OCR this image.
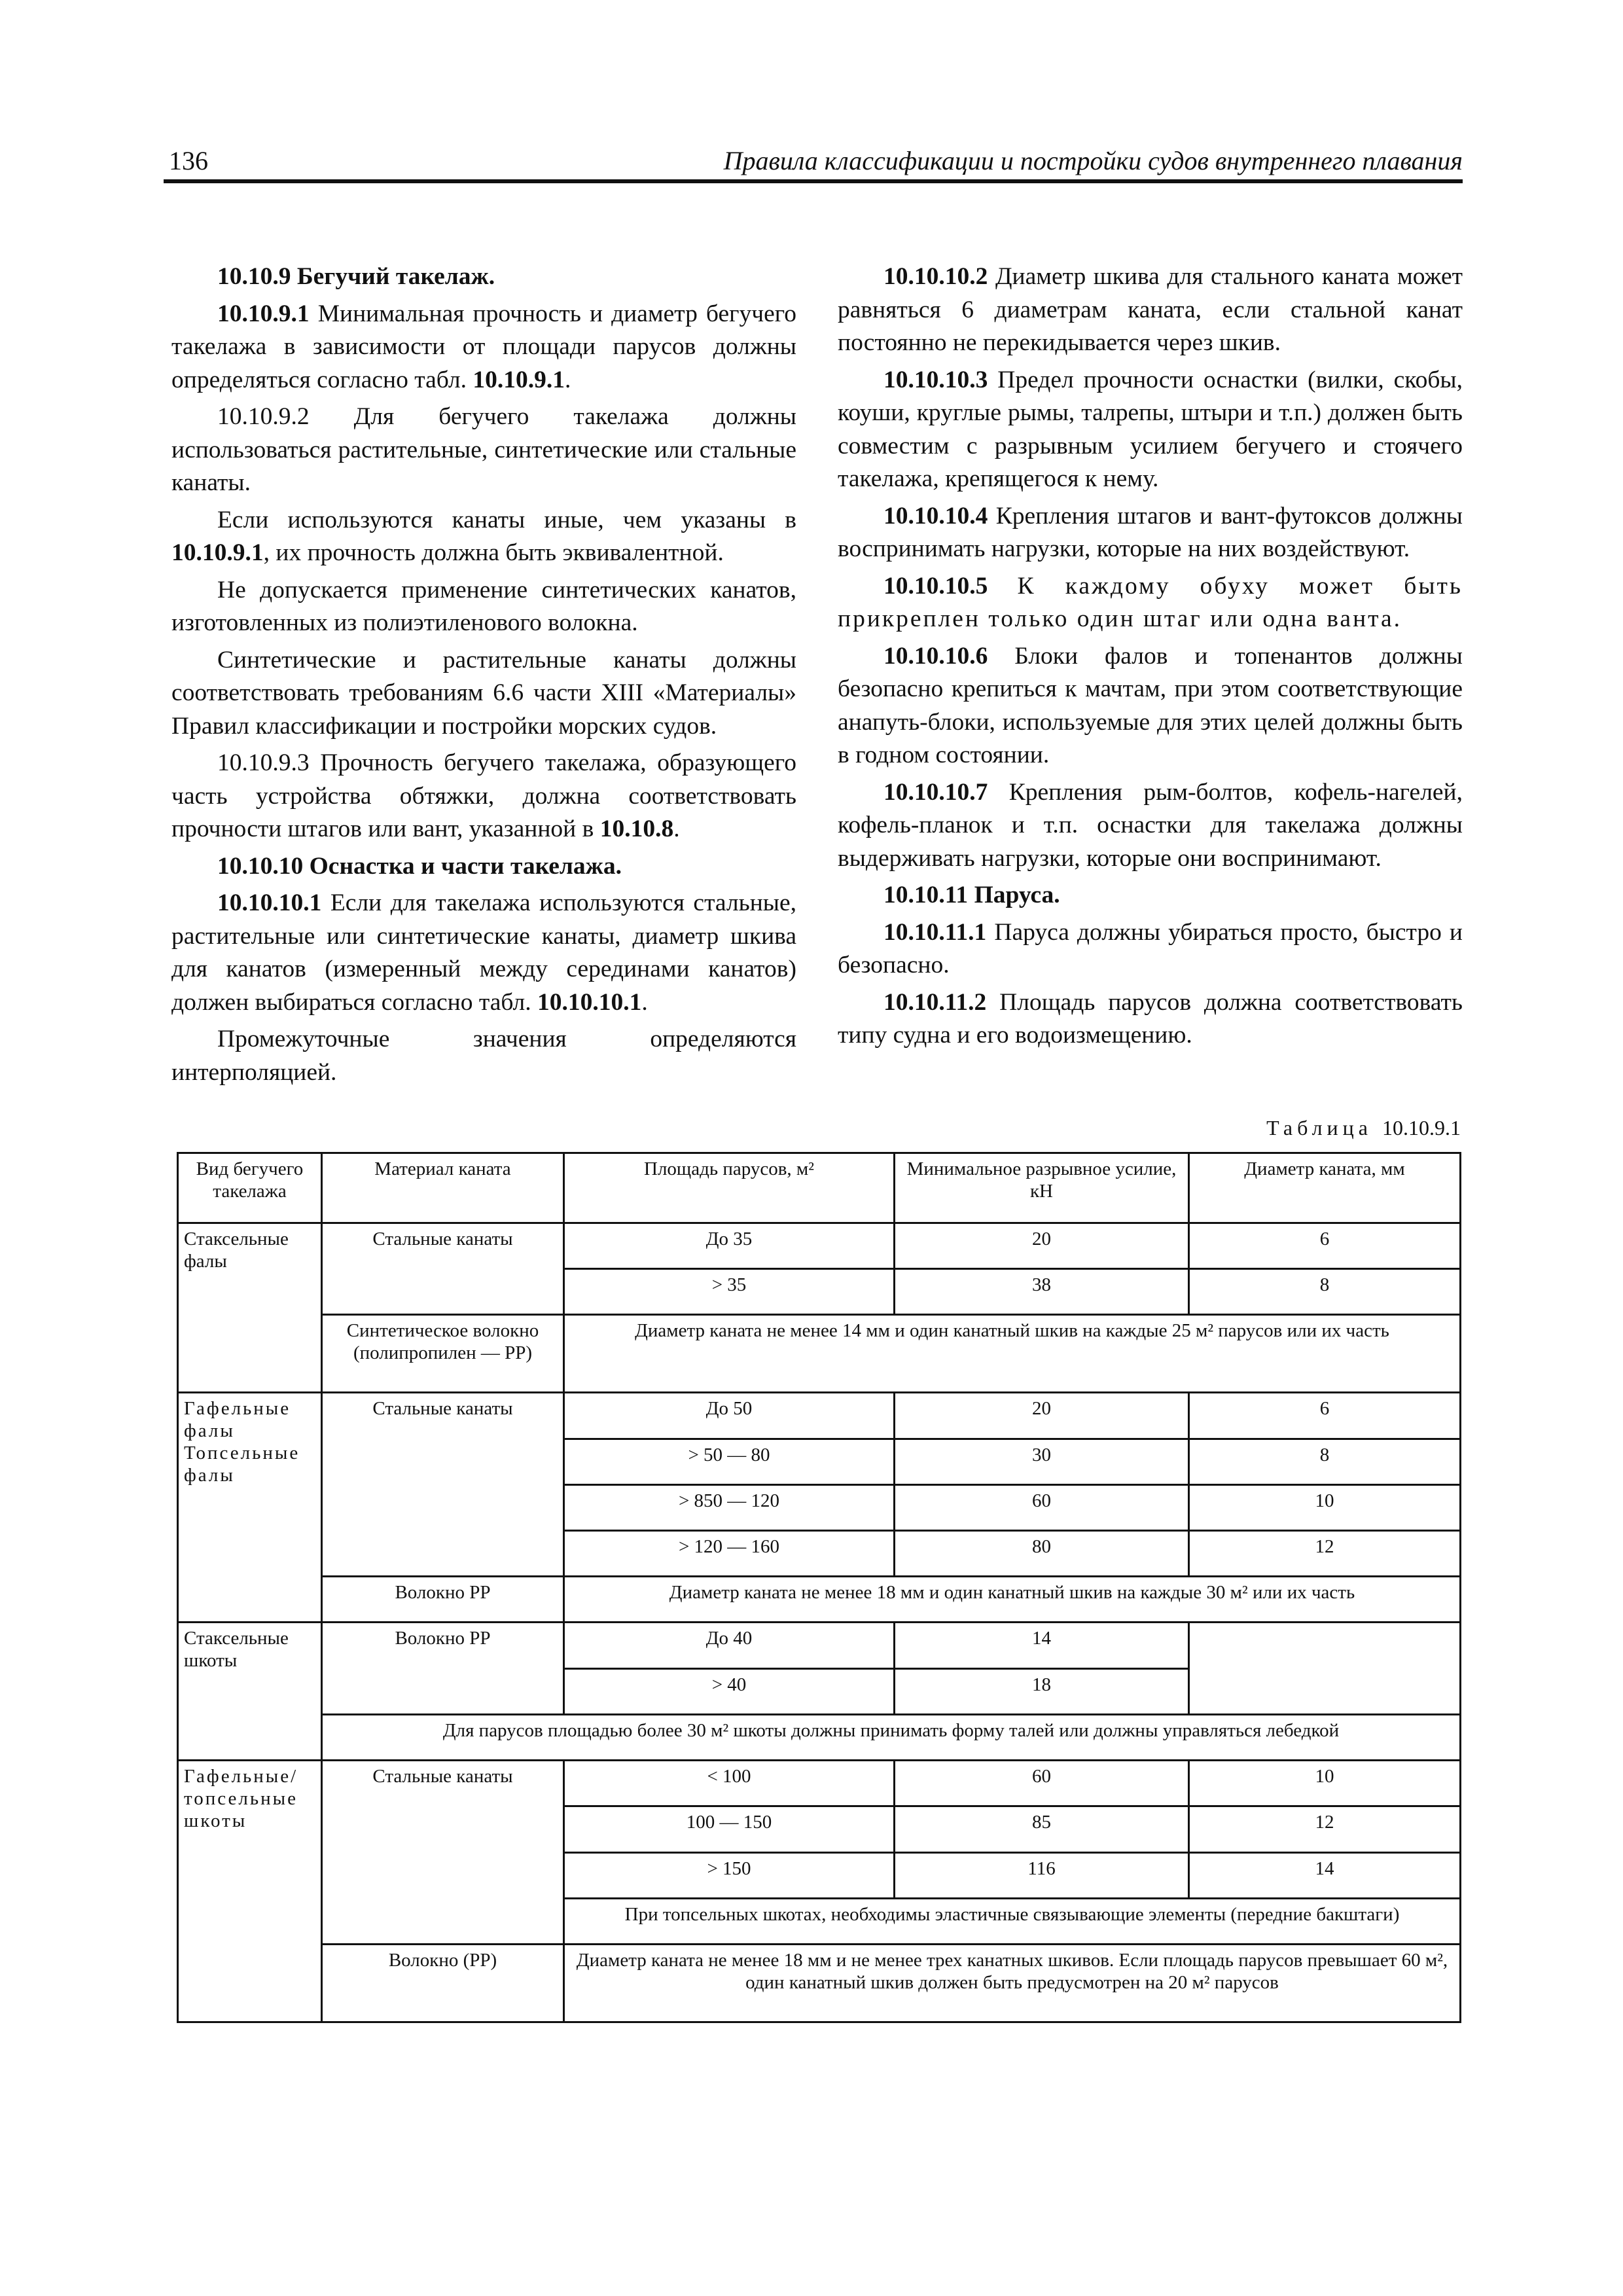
136	Правила классификации и постройки судов внутреннего плавания

10.10.9 Бегучий такелаж.

10.10.9.1 Минимальная прочность и диаметр бегучего такелажа в зависимости от площади парусов должны определяться согласно табл. 10.10.9.1.

10.10.9.2 Для бегучего такелажа должны использоваться растительные, синтетические или стальные канаты.

Если используются канаты иные, чем указаны в 10.10.9.1, их прочность должна быть эквивалентной.

Не допускается применение синтетических канатов, изготовленных из полиэтиленового волокна.

Синтетические и растительные канаты должны соответствовать требованиям 6.6 части XIII «Материалы» Правил классификации и постройки морских судов.

10.10.9.3 Прочность бегучего такелажа, образующего часть устройства обтяжки, должна соответствовать прочности штагов или вант, указанной в 10.10.8.

10.10.10 Оснастка и части такелажа.

10.10.10.1 Если для такелажа используются стальные, растительные или синтетические канаты, диаметр шкива для канатов (измеренный между серединами канатов) должен выбираться согласно табл. 10.10.10.1.

Промежуточные значения определяются интерполяцией.

10.10.10.2 Диаметр шкива для стального каната может равняться 6 диаметрам каната, если стальной канат постоянно не перекидывается через шкив.

10.10.10.3 Предел прочности оснастки (вилки, скобы, коуши, круглые рымы, талрепы, штыри и т.п.) должен быть совместим с разрывным усилием бегучего и стоячего такелажа, крепящегося к нему.

10.10.10.4 Крепления штагов и вант-футоксов должны воспринимать нагрузки, которые на них воздействуют.

10.10.10.5 К каждому обуху может быть прикреплен только один штаг или одна ванта.

10.10.10.6 Блоки фалов и топенантов должны безопасно крепиться к мачтам, при этом соответствующие анапуть-блоки, используемые для этих целей должны быть в годном состоянии.

10.10.10.7 Крепления рым-болтов, кофель-нагелей, кофель-планок и т.п. оснастки для такелажа должны выдерживать нагрузки, которые они воспринимают.

10.10.11 Паруса.

10.10.11.1 Паруса должны убираться просто, быстро и безопасно.

10.10.11.2 Площадь парусов должна соответствовать типу судна и его водоизмещению.

Таблица 10.10.9.1
Вид бегучего такелажа	Материал каната	Площадь парусов, м²	Минимальное разрывное усилие, кН	Диаметр каната, мм
Стаксельные фалы	Стальные канаты	До 35	20	6
		> 35	38	8
	Синтетическое волокно (полипропилен — PP)	Диаметр каната не менее 14 мм и один канатный шкив на каждые 25 м² парусов или их часть		
Гафельные фалы Топсельные фалы	Стальные канаты	До 50	20	6
		> 50 — 80	30	8
		> 850 — 120	60	10
		> 120 — 160	80	12
	Волокно PP	Диаметр каната не менее 18 мм и один канатный шкив на каждые 30 м² или их часть		
Стаксельные шкоты	Волокно PP	До 40	14	
		> 40	18	
	Для парусов площадью более 30 м² шкоты должны принимать форму талей или должны управляться лебедкой			
Гафельные/ топсельные шкоты	Стальные канаты	< 100	60	10
		100 — 150	85	12
		> 150	116	14
		При топсельных шкотах, необходимы эластичные связывающие элементы (передние бакштаги)		
	Волокно (PP)	Диаметр каната не менее 18 мм и не менее трех канатных шкивов. Если площадь парусов превышает 60 м², один канатный шкив должен быть предусмотрен на 20 м² парусов		
